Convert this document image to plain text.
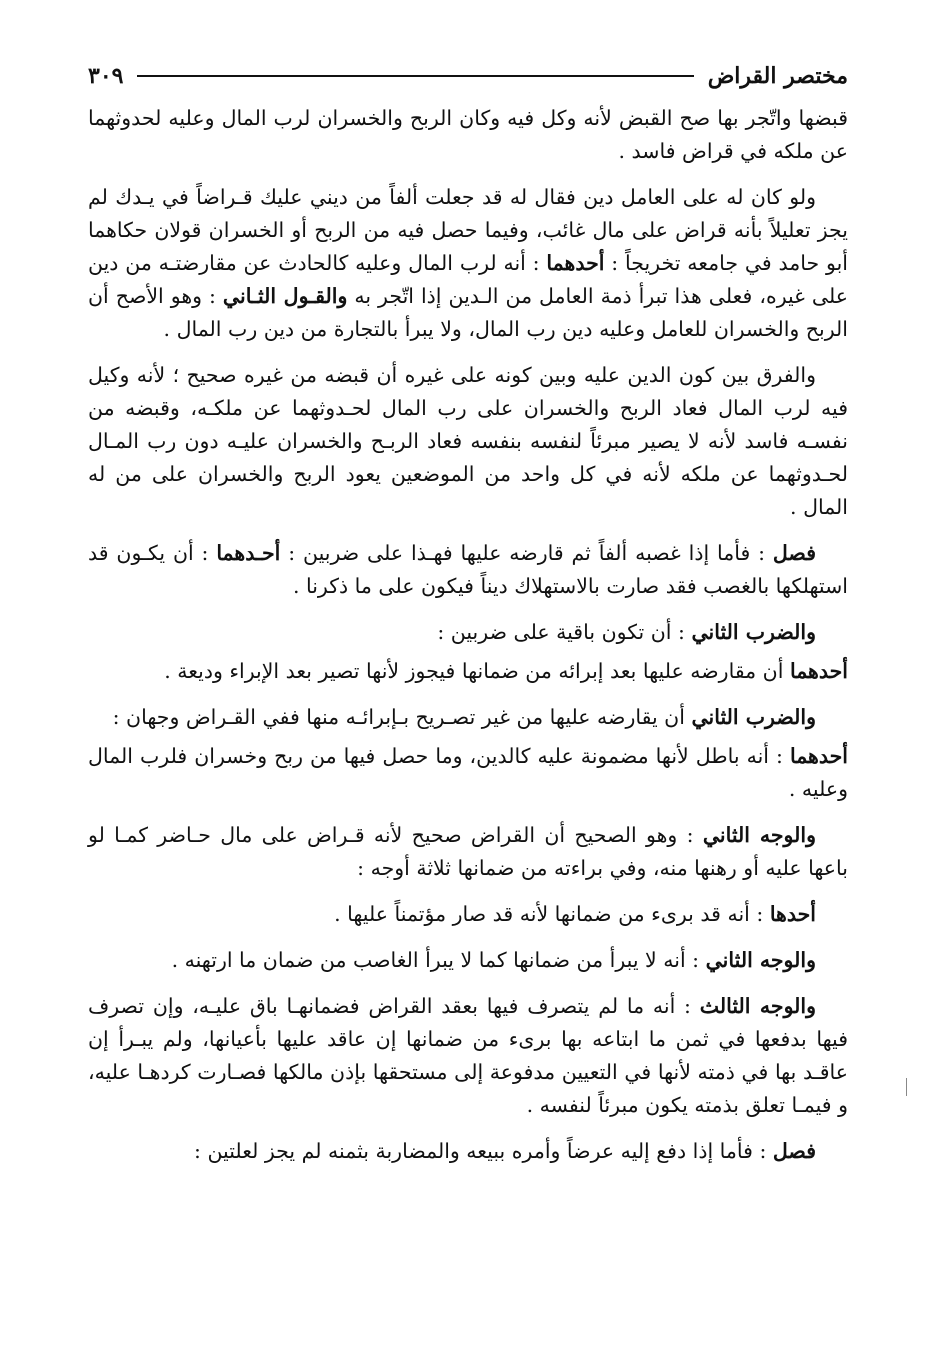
مختصر القراض
٣٠٩

قبضها واتّجر بها صح القبض لأنه وكل فيه وكان الربح والخسران لرب المال وعليه لحدوثهما عن ملكه في قراض فاسد .

ولو كان له على العامل دين فقال له قد جعلت ألفاً من ديني عليك قـراضاً في يـدك لم يجز تعليلاً بأنه قراض على مال غائب، وفيما حصل فيه من الربح أو الخسران قولان حكاهما أبو حامد في جامعه تخريجاً : أحدهما : أنه لرب المال وعليه كالحادث عن مقارضتـه من دين على غيره، فعلى هذا تبرأ ذمة العامل من الـدين إذا اتّجر به والقـول الثـاني : وهو الأصح أن الربح والخسران للعامل وعليه دين رب المال، ولا يبرأ بالتجارة من دين رب المال .

والفرق بين كون الدين عليه وبين كونه على غيره أن قبضه من غيره صحيح ؛ لأنه وكيل فيه لرب المال فعاد الربح والخسران على رب المال لحـدوثهما عن ملكـه، وقبضه من نفسـه فاسد لأنه لا يصير مبرئاً لنفسه بنفسه فعاد الربـح والخسران عليـه دون رب المـال لحـدوثهما عن ملكه لأنه في كل واحد من الموضعين يعود الربح والخسران على من له المال .

فصل : فأما إذا غصبه ألفاً ثم قارضه عليها فهـذا على ضربين : أحـدهما : أن يكـون قد استهلكها بالغصب فقد صارت بالاستهلاك ديناً فيكون على ما ذكرنا .

والضرب الثاني : أن تكون باقية على ضربين :

أحدهما أن مقارضه عليها بعد إبرائه من ضمانها فيجوز لأنها تصير بعد الإبراء وديعة .

والضرب الثاني أن يقارضه عليها من غير تصـريح بـإبرائـه منها ففي القـراض وجهان :

أحدهما : أنه باطل لأنها مضمونة عليه كالدين، وما حصل فيها من ربح وخسران فلرب المال وعليه .

والوجه الثاني : وهو الصحيح أن القراض صحيح لأنه قـراض على مال حـاضر كمـا لو باعها عليه أو رهنها منه، وفي براءته من ضمانها ثلاثة أوجه :

أحدها : أنه قد برىء من ضمانها لأنه قد صار مؤتمناً عليها .

والوجه الثاني : أنه لا يبرأ من ضمانها كما لا يبرأ الغاصب من ضمان ما ارتهنه .

والوجه الثالث : أنه ما لم يتصرف فيها بعقد القراض فضمانهـا باق عليـه، وإن تصرف فيها بدفعها في ثمن ما ابتاعه بها برىء من ضمانها إن عاقد عليها بأعيانها، ولم يبـرأ إن عاقـد بها في ذمته لأنها في التعيين مدفوعة إلى مستحقها بإذن مالكها فصـارت كردهـا عليه، و فيمـا تعلق بذمته يكون مبرئاً لنفسه .

فصل : فأما إذا دفع إليه عرضاً وأمره ببيعه والمضاربة بثمنه لم يجز لعلتين :
